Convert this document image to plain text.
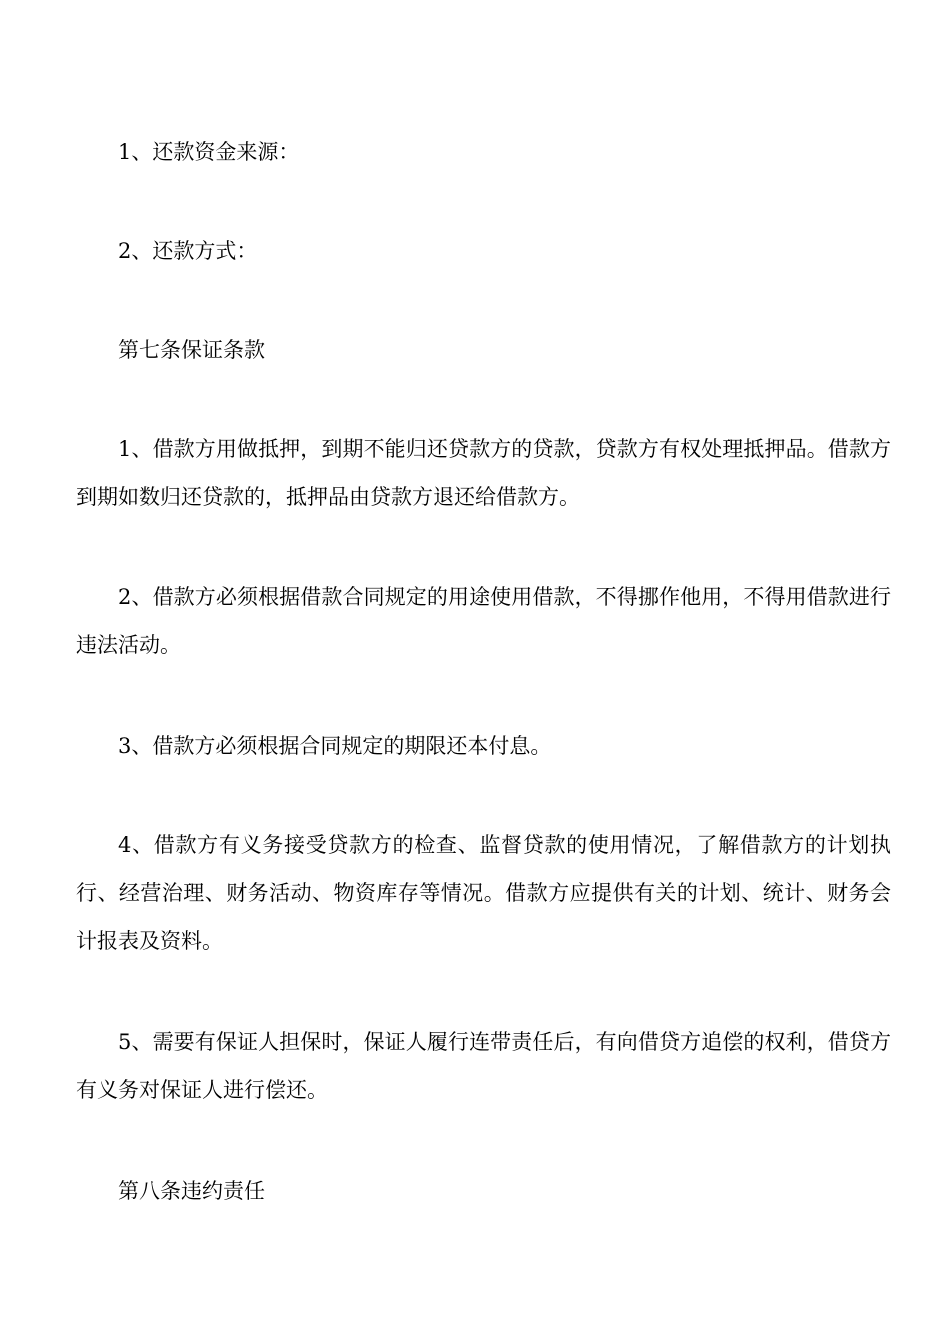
1、还款资金来源：

2、还款方式：

第七条保证条款

1、借款方用做抵押，到期不能归还贷款方的贷款，贷款方有权处理抵押品。借款方到期如数归还贷款的，抵押品由贷款方退还给借款方。

2、借款方必须根据借款合同规定的用途使用借款，不得挪作他用，不得用借款进行违法活动。

3、借款方必须根据合同规定的期限还本付息。

4、借款方有义务接受贷款方的检查、监督贷款的使用情况，了解借款方的计划执行、经营治理、财务活动、物资库存等情况。借款方应提供有关的计划、统计、财务会计报表及资料。

5、需要有保证人担保时，保证人履行连带责任后，有向借贷方追偿的权利，借贷方有义务对保证人进行偿还。

第八条违约责任
